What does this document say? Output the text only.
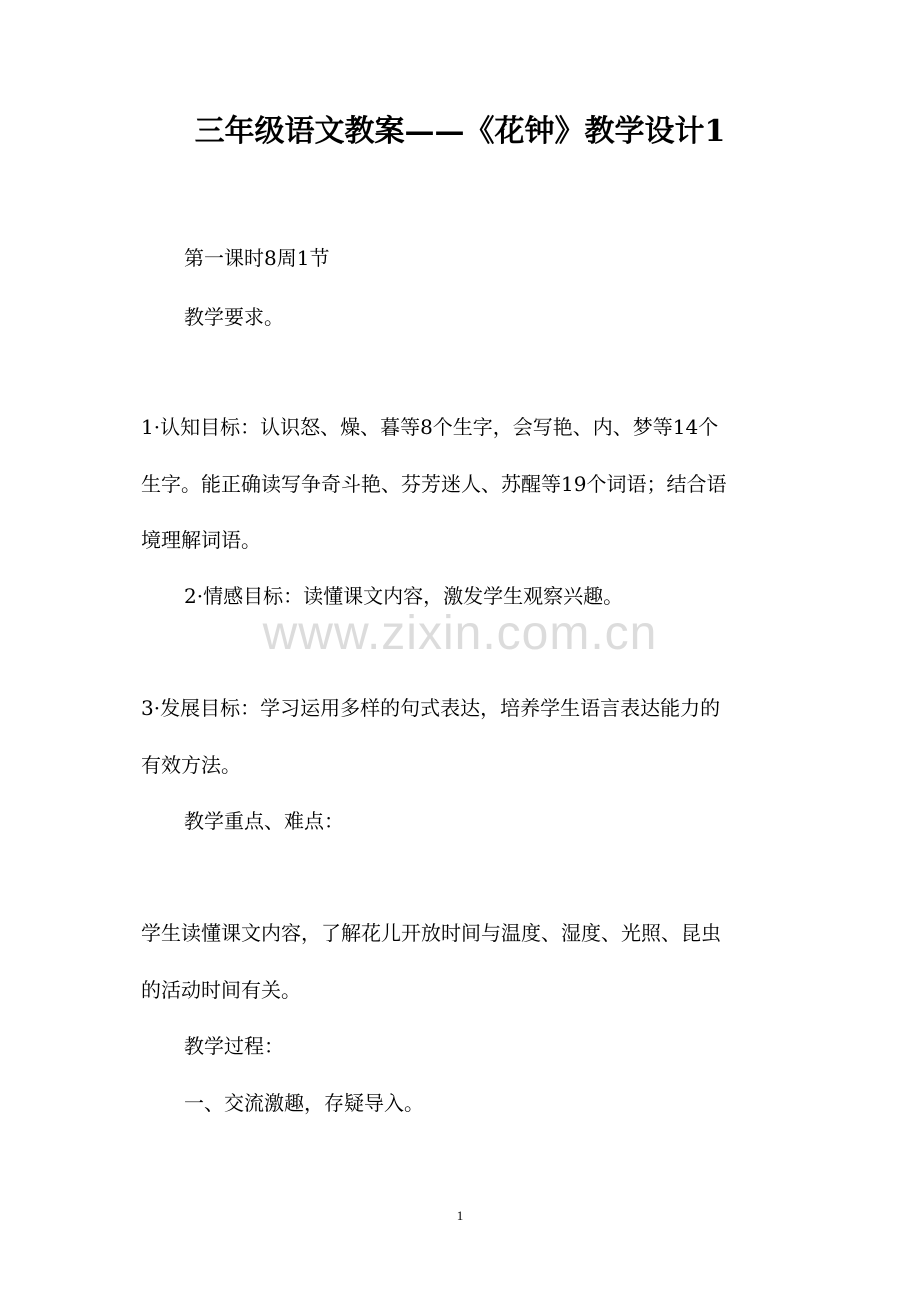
三年级语文教案——《花钟》教学设计1
第一课时8周1节
教学要求。
1·认知目标：认识怒、燥、暮等8个生字，会写艳、内、梦等14个
生字。能正确读写争奇斗艳、芬芳迷人、苏醒等19个词语；结合语
境理解词语。
2·情感目标：读懂课文内容，激发学生观察兴趣。
www.zixin.com.cn
3·发展目标：学习运用多样的句式表达，培养学生语言表达能力的
有效方法。
教学重点、难点：
学生读懂课文内容，了解花儿开放时间与温度、湿度、光照、昆虫
的活动时间有关。
教学过程：
一、交流激趣，存疑导入。
1
